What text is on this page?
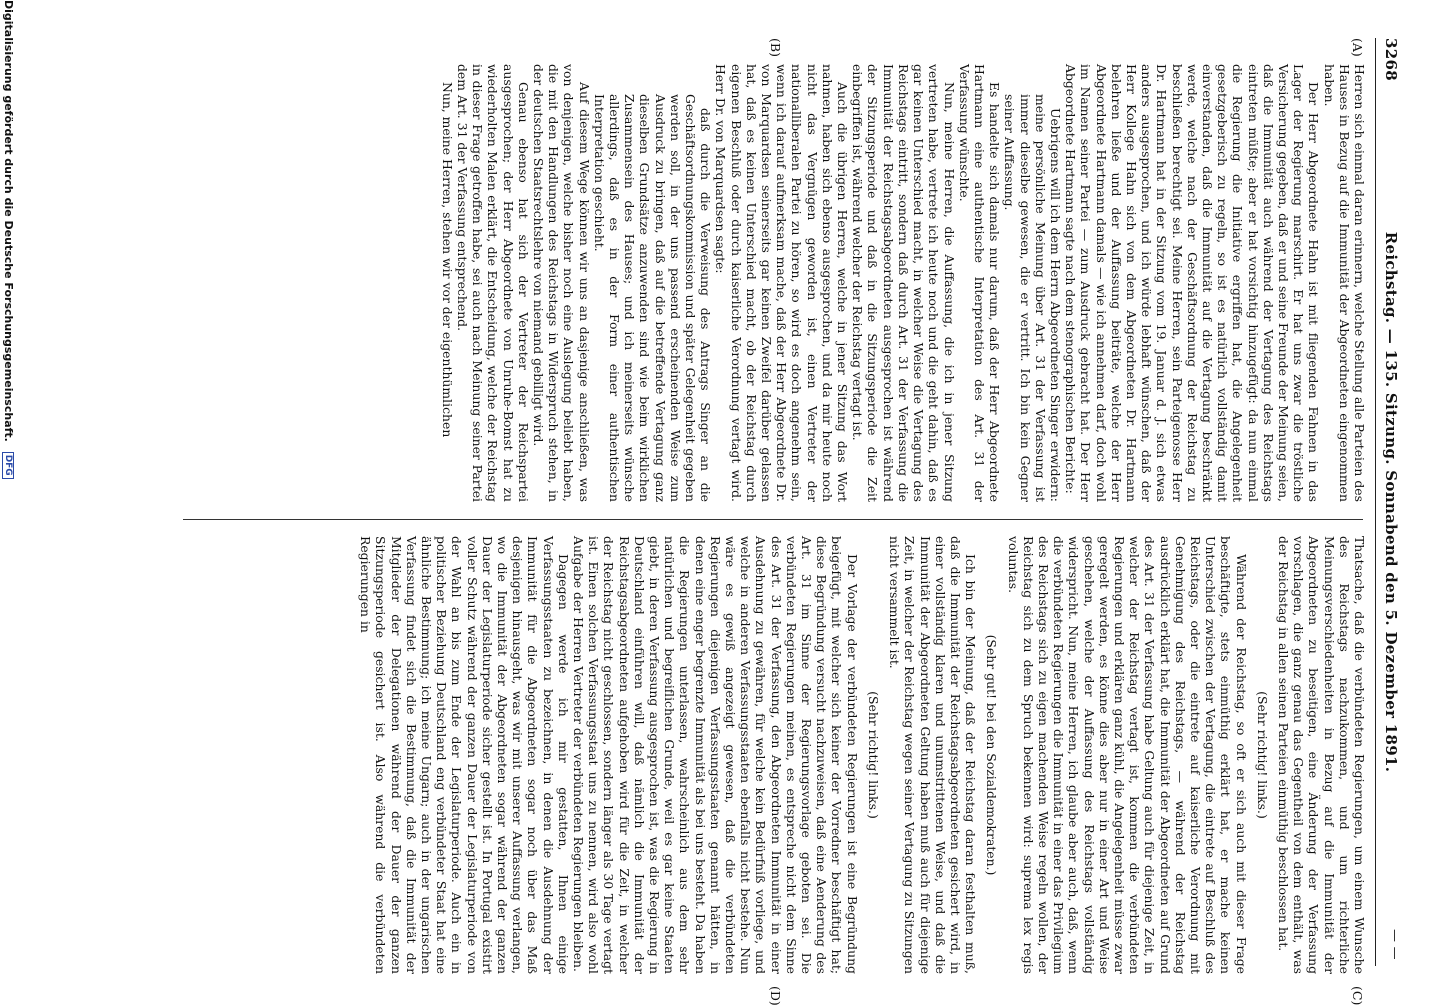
3268
Reichstag. — 135. Sitzung. Sonnabend den 5. Dezember 1891.
— —
(A)
(B)
(C)
(D)

Herren sich einmal daran erinnern, welche Stellung alle Parteien des Hauses in Bezug auf die Immunität der Abgeordneten eingenommen haben.

Der Herr Abgeordnete Hahn ist mit fliegenden Fahnen in das Lager der Regierung marschirt. Er hat uns zwar die tröstliche Versicherung gegeben, daß er und seine Freunde der Meinung seien, daß die Immunität auch während der Vertagung des Reichstags eintreten müßte; aber er hat vorsichtig hinzugefügt: da nun einmal die Regierung die Initiative ergriffen hat, die Angelegenheit gesetzgeberisch zu regeln, so ist es natürlich vollständig damit einverstanden, daß die Immunität auf die Vertagung beschränkt werde, welche nach der Geschäftsordnung der Reichstag zu beschließen berechtigt sei. Meine Herren, sein Parteigenosse Herr Dr. Hartmann hat in der Sitzung vom 19. Januar d. J. sich etwas anders ausgesprochen, und ich würde lebhaft wünschen, daß der Herr Kollege Hahn sich von dem Abgeordneten Dr. Hartmann belehren ließe und der Auffassung beiträte, welche der Herr Abgeordnete Hartmann damals — wie ich annehmen darf, doch wohl im Namen seiner Partei — zum Ausdruck gebracht hat. Der Herr Abgeordnete Hartmann sagte nach dem stenographischen Berichte:

Uebrigens will ich dem Herrn Abgeordneten Singer erwidern: meine persönliche Meinung über Art. 31 der Verfassung ist immer dieselbe gewesen, die er vertritt. Ich bin kein Gegner seiner Auffassung.

Es handelte sich damals nur darum, daß der Herr Abgeordnete Hartmann eine authentische Interpretation des Art. 31 der Verfassung wünschte.

Nun, meine Herren, die Auffassung, die ich in jener Sitzung vertreten habe, vertrete ich heute noch und die geht dahin, daß es gar keinen Unterschied macht, in welcher Weise die Vertagung des Reichstags eintritt, sondern daß durch Art. 31 der Verfassung die Immunität der Reichstagsabgeordneten ausgesprochen ist während der Sitzungsperiode und daß in die Sitzungsperiode die Zeit einbegriffen ist, während welcher der Reichstag vertagt ist.

Auch die übrigen Herren, welche in jener Sitzung das Wort nahmen, haben sich ebenso ausgesprochen, und da mir heute noch nicht das Vergnügen geworden ist, einen Vertreter der nationalliberalen Partei zu hören, so wird es doch angenehm sein, wenn ich darauf aufmerksam mache, daß der Herr Abgeordnete Dr. von Marquardsen seinerseits gar keinen Zweifel darüber gelassen hat, daß es keinen Unterschied macht, ob der Reichstag durch eigenen Beschluß oder durch kaiserliche Verordnung vertagt wird. Herr Dr. von Marquardsen sagte:

daß durch die Verweisung des Antrags Singer an die Geschäftsordnungskommission und später Gelegenheit gegeben werden soll, in der uns passend erscheinenden Weise zum Ausdruck zu bringen, daß auf die betreffende Vertagung ganz dieselben Grundsätze anzuwenden sind wie beim wirklichen Zusammensein des Hauses; und ich meinerseits wünsche allerdings, daß es in der Form einer authentischen Interpretation geschieht.

Auf diesem Wege können wir uns an dasjenige anschließen, was von denjenigen, welche bisher noch eine Auslegung beliebt haben, die mit den Handlungen des Reichstags in Widerspruch stehen, in der deutschen Staatsrechtslehre von niemand gebilligt wird.

Genau ebenso hat sich der Vertreter der Reichspartei ausgesprochen; der Herr Abgeordnete von Unruhe-Bomst hat zu wiederholten Malen erklärt, die Entscheidung, welche der Reichstag in dieser Frage getroffen habe, sei auch nach Meinung seiner Partei dem Art. 31 der Verfassung entsprechend.

Nun, meine Herren, stehen wir vor der eigenthümlichen

Thatsache, daß die verbündeten Regierungen, um einem Wunsche des Reichstags nachzukommen, und um richterliche Meinungsverschiedenheiten in Bezug auf die Immunität der Abgeordneten zu beseitigen, eine Änderung der Verfassung vorschlagen, die ganz genau das Gegentheil von dem enthält, was der Reichstag in allen seinen Parteien einmüthig beschlossen hat.

(Sehr richtig! links.)

Während der Reichstag, so oft er sich auch mit dieser Frage beschäftigte, stets einmüthig erklärt hat, er mache keinen Unterschied zwischen der Vertagung, die eintrete auf Beschluß des Reichstags, oder die eintrete auf kaiserliche Verordnung mit Genehmigung des Reichstags, — während der Reichstag ausdrücklich erklärt hat, die Immunität der Abgeordneten auf Grund des Art. 31 der Verfassung habe Geltung auch für diejenige Zeit, in welcher der Reichstag vertagt ist, kommen die verbündeten Regierungen und erklären ganz kühl, die Angelegenheit müsse zwar geregelt werden, es könne dies aber nur in einer Art und Weise geschehen, welche der Auffassung des Reichstags vollständig widerspricht. Nun, meine Herren, ich glaube aber auch, daß, wenn die verbündeten Regierungen die Immunität in einer das Privilegium des Reichstags sich zu eigen machenden Weise regeln wollen, der Reichstag sich zu dem Spruch bekennen wird: suprema lex regis voluntas.

(Sehr gut! bei den Sozialdemokraten.)

Ich bin der Meinung, daß der Reichstag daran festhalten muß, daß die Immunität der Reichstagsabgeordneten gesichert wird, in einer vollständig klaren und unumstrittenen Weise, und daß die Immunität der Abgeordneten Geltung haben muß auch für diejenige Zeit, in welcher der Reichstag wegen seiner Vertagung zu Sitzungen nicht versammelt ist.

(Sehr richtig! links.)

Der Vorlage der verbündeten Regierungen ist eine Begründung beigefügt, mit welcher sich keiner der Vorredner beschäftigt hat; diese Begründung versucht nachzuweisen, daß eine Aenderung des Art. 31 im Sinne der Regierungsvorlage geboten sei. Die verbündeten Regierungen meinen, es entspreche nicht dem Sinne des Art. 31 der Verfassung, den Abgeordneten Immunität in einer Ausdehnung zu gewähren, für welche kein Bedürfniß vorliege, und welche in anderen Verfassungsstaaten ebenfalls nicht bestehe. Nun wäre es gewiß angezeigt gewesen, daß die verbündeten Regierungen diejenigen Verfassungsstaaten genannt hätten, in denen eine enger begrenzte Immunität als bei uns besteht. Da haben die Regierungen unterlassen, wahrscheinlich aus dem sehr natürlichen und begreiflichen Grunde, weil es gar keine Staaten giebt, in deren Verfassung ausgesprochen ist, was die Regierung in Deutschland einführen will, daß nämlich die Immunität der Reichstagsabgeordneten aufgehoben wird für die Zeit, in welcher der Reichstag nicht geschlossen, sondern länger als 30 Tage vertagt ist. Einen solchen Verfassungsstaat uns zu nennen, wird also wohl Aufgabe der Herren Vertreter der verbündeten Regierungen bleiben.

Dagegen werde ich mir gestatten, Ihnen einige Verfassungsstaaten zu bezeichnen, in denen die Ausdehnung der Immunität für die Abgeordneten sogar noch über das Maß desjenigen hinausgeht, was wir mit unserer Auffassung verlangen, wo die Immunität der Abgeordneten sogar während der ganzen Dauer der Legislaturperiode sicher gestellt ist. In Portugal existirt voller Schutz während der ganzen Dauer der Legislaturperiode von der Wahl an bis zum Ende der Legislaturperiode. Auch ein in politischer Beziehung Deutschland eng verbündeter Staat hat eine ähnliche Bestimmung; ich meine Ungarn; auch in der ungarischen Verfassung findet sich die Bestimmung, daß die Immunität der Mitglieder der Delegationen während der Dauer der ganzen Sitzungsperiode gesichert ist. Also während die verbündeten Regierungen in

Digitalisierung gefördert durch die Deutsche Forschungsgemeinschaft. DFG
